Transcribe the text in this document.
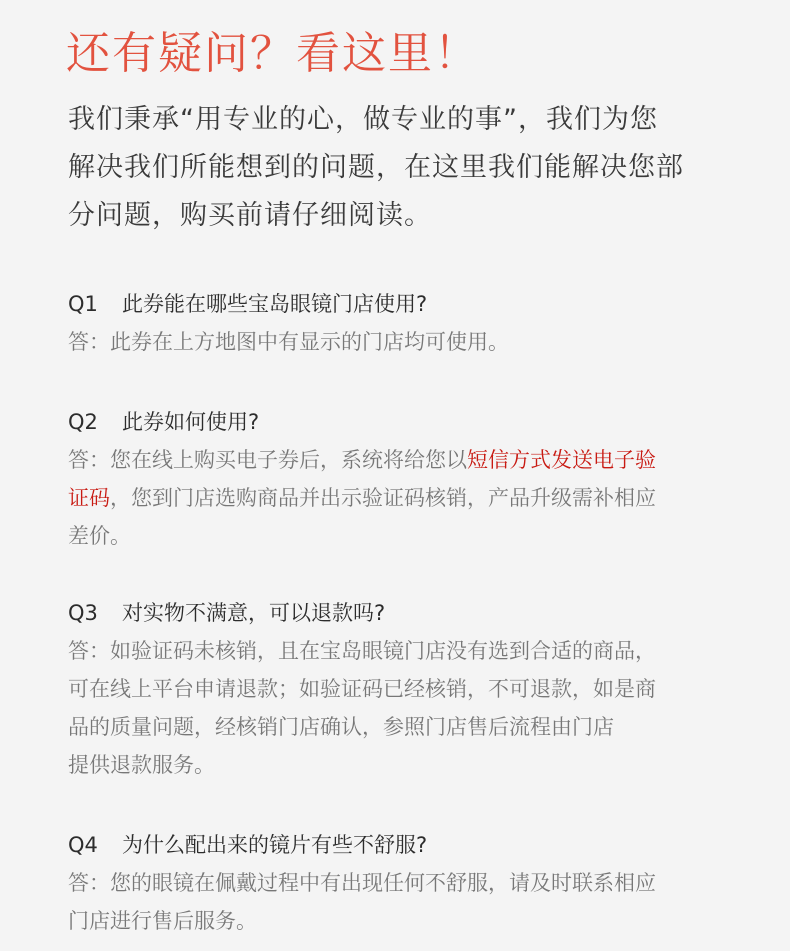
还有疑问？看这里！
我们秉承“用专业的心，做专业的事”，我们为您
解决我们所能想到的问题，在这里我们能解决您部
分问题，购买前请仔细阅读。
Q1 此券能在哪些宝岛眼镜门店使用?
答：此券在上方地图中有显示的门店均可使用。
Q2 此券如何使用?
答：您在线上购买电子券后，系统将给您以短信方式发送电子验
证码，您到门店选购商品并出示验证码核销，产品升级需补相应
差价。
Q3 对实物不满意，可以退款吗?
答：如验证码未核销，且在宝岛眼镜门店没有选到合适的商品，
可在线上平台申请退款；如验证码已经核销，不可退款，如是商
品的质量问题，经核销门店确认，参照门店售后流程由门店
提供退款服务。
Q4 为什么配出来的镜片有些不舒服?
答：您的眼镜在佩戴过程中有出现任何不舒服，请及时联系相应
门店进行售后服务。
